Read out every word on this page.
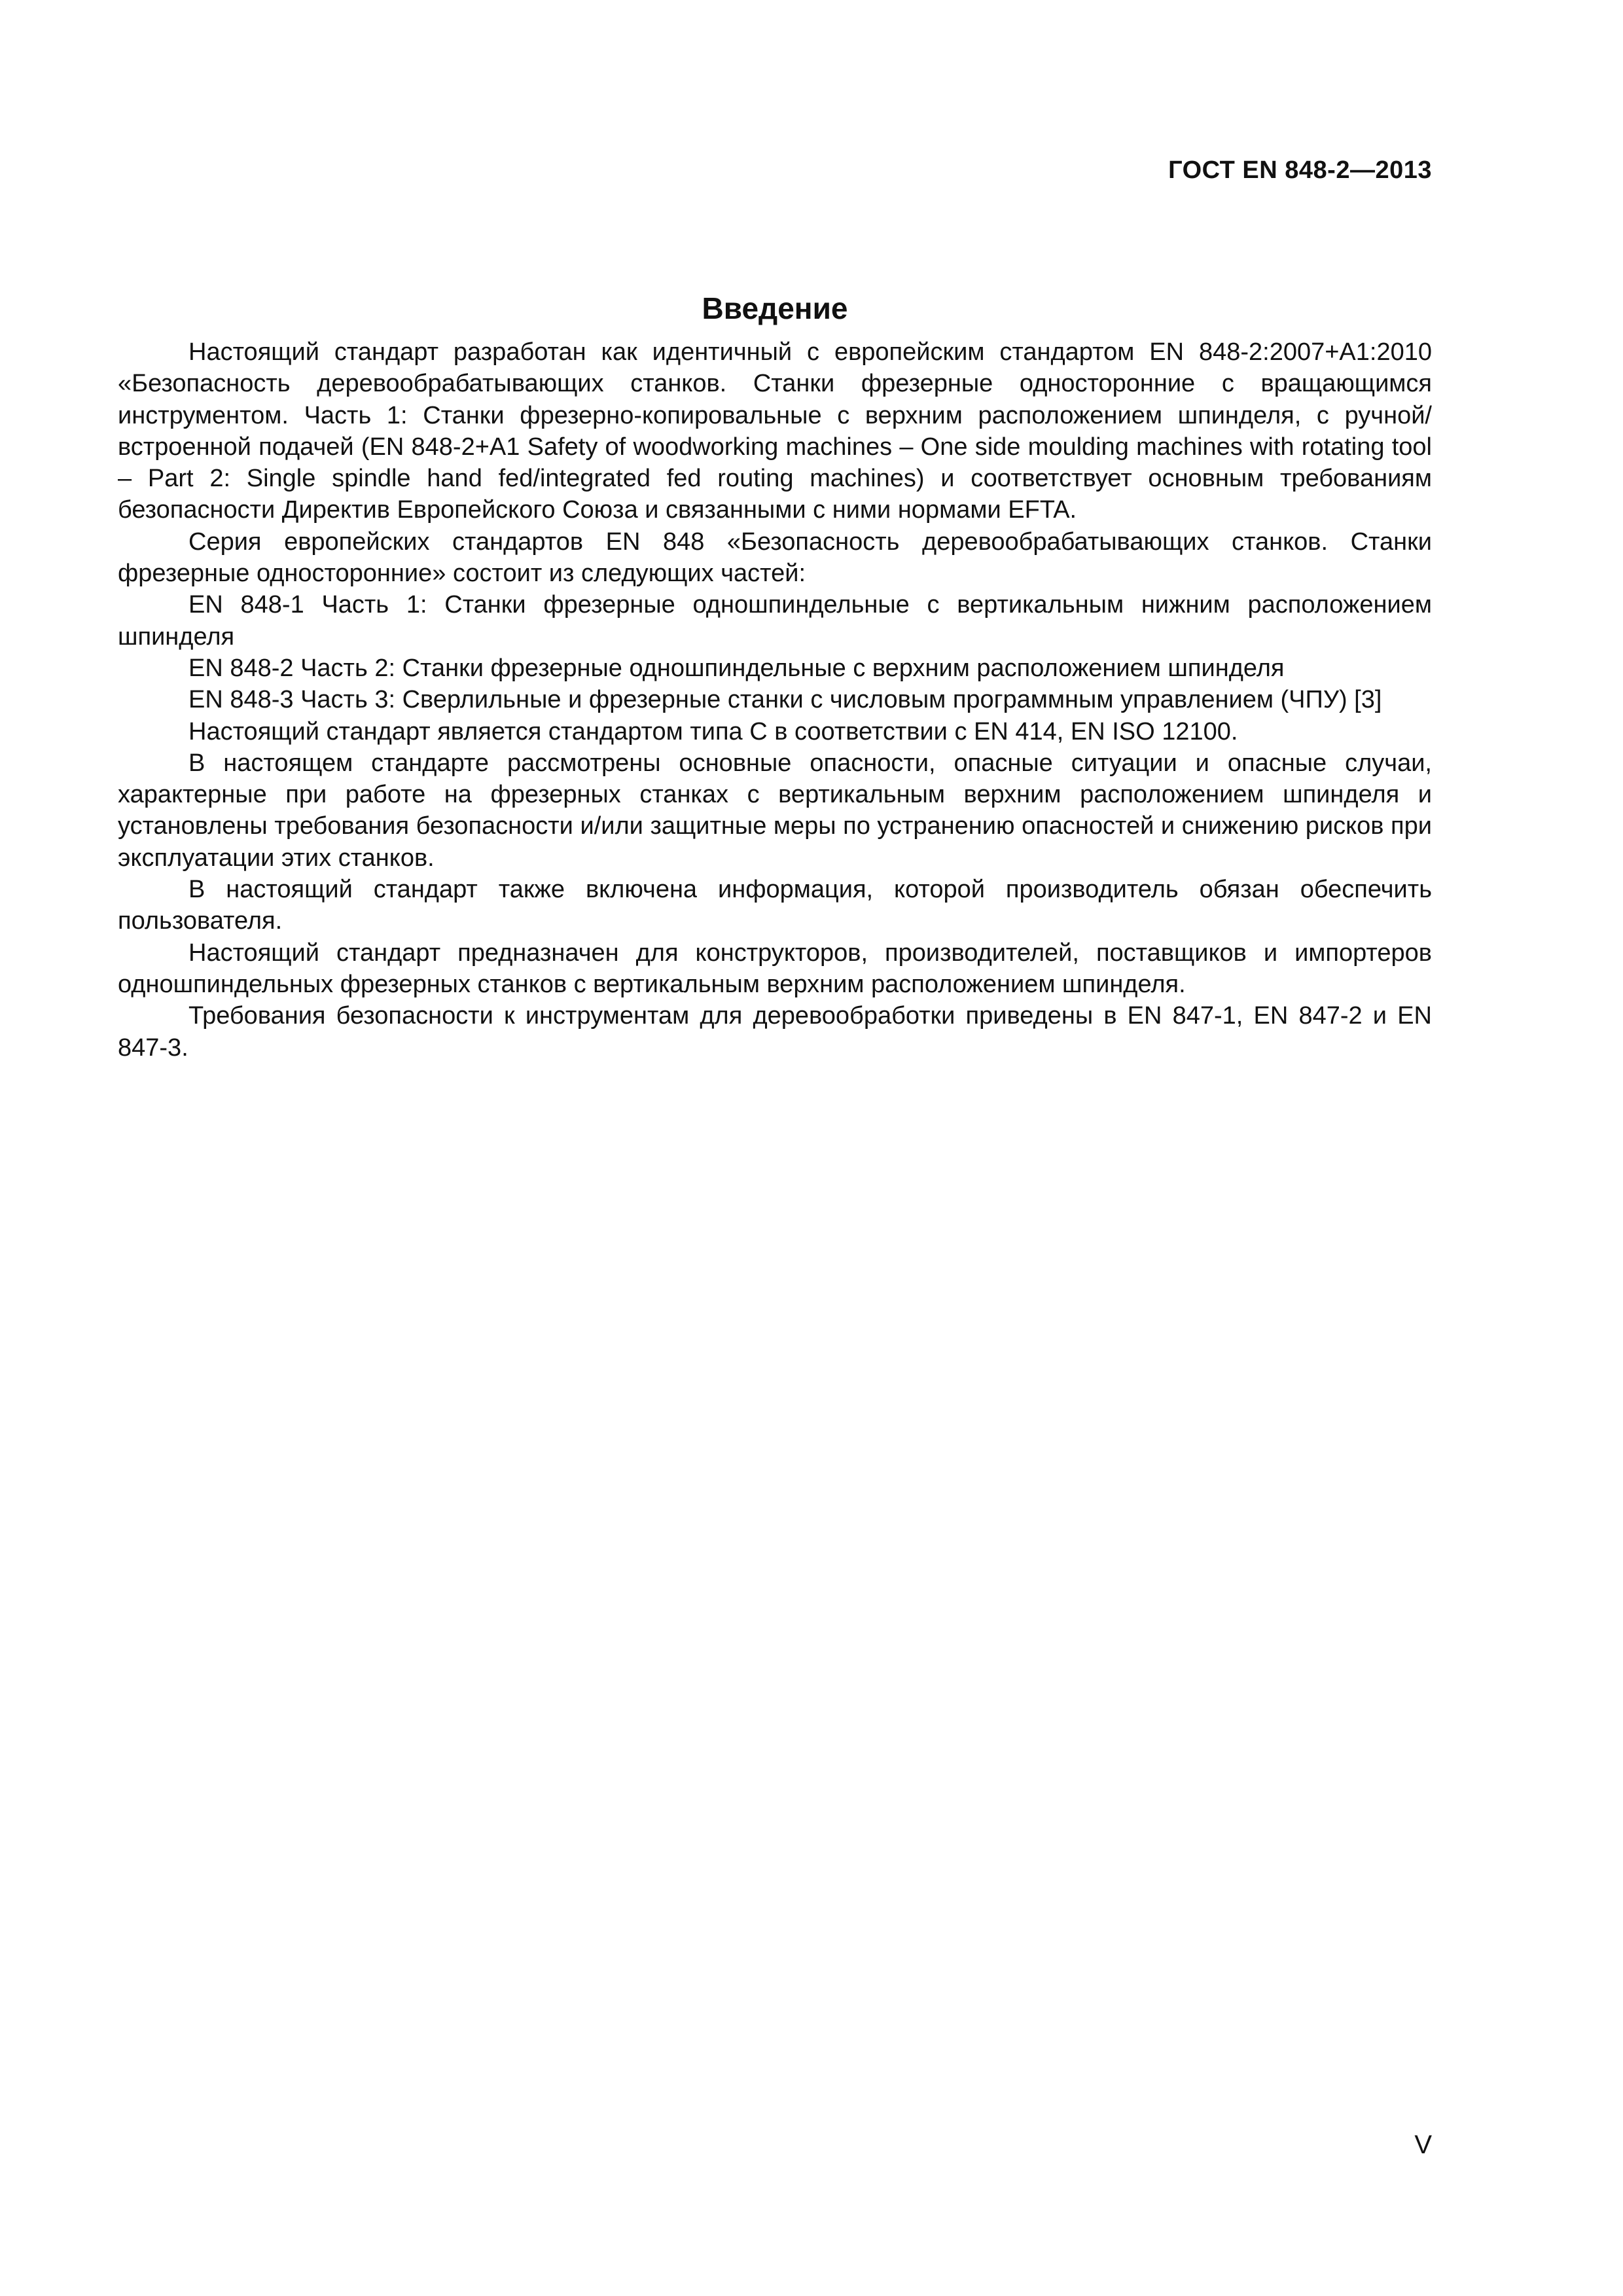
ГОСТ EN 848-2—2013
Введение

Настоящий стандарт разработан как идентичный с европейским стандартом EN 848-2:2007+A1:2010 «Безопасность деревообрабатывающих станков. Станки фрезерные односторонние с вращающимся инструментом. Часть 1: Станки фрезерно-копировальные с верхним расположением шпинделя, с ручной/встроенной подачей (EN 848-2+A1 Safety of woodworking machines – One side moulding machines with rotating tool – Part 2: Single spindle hand fed/integrated fed routing machines) и соответствует основным требованиям безопасности Директив Европейского Союза и связанными с ними нормами EFTA.

Серия европейских стандартов EN 848 «Безопасность деревообрабатывающих станков. Станки фрезерные односторонние» состоит из следующих частей:

EN 848-1 Часть 1: Станки фрезерные одношпиндельные с вертикальным нижним расположением шпинделя

EN 848-2 Часть 2: Станки фрезерные одношпиндельные с верхним расположением шпинделя

EN 848-3 Часть 3: Сверлильные и фрезерные станки с числовым программным управлением (ЧПУ) [3]

Настоящий стандарт является стандартом типа С в соответствии с EN 414, EN ISO 12100.

В настоящем стандарте рассмотрены основные опасности, опасные ситуации и опасные случаи, характерные при работе на фрезерных станках с вертикальным верхним расположением шпинделя и установлены требования безопасности и/или защитные меры по устранению опасностей и снижению рисков при эксплуатации этих станков.

В настоящий стандарт также включена информация, которой производитель обязан обеспечить пользователя.

Настоящий стандарт предназначен для конструкторов, производителей, поставщиков и импортеров одношпиндельных фрезерных станков с вертикальным верхним расположением шпинделя.

Требования безопасности к инструментам для деревообработки приведены в EN 847-1, EN 847-2 и EN 847-3.

V
